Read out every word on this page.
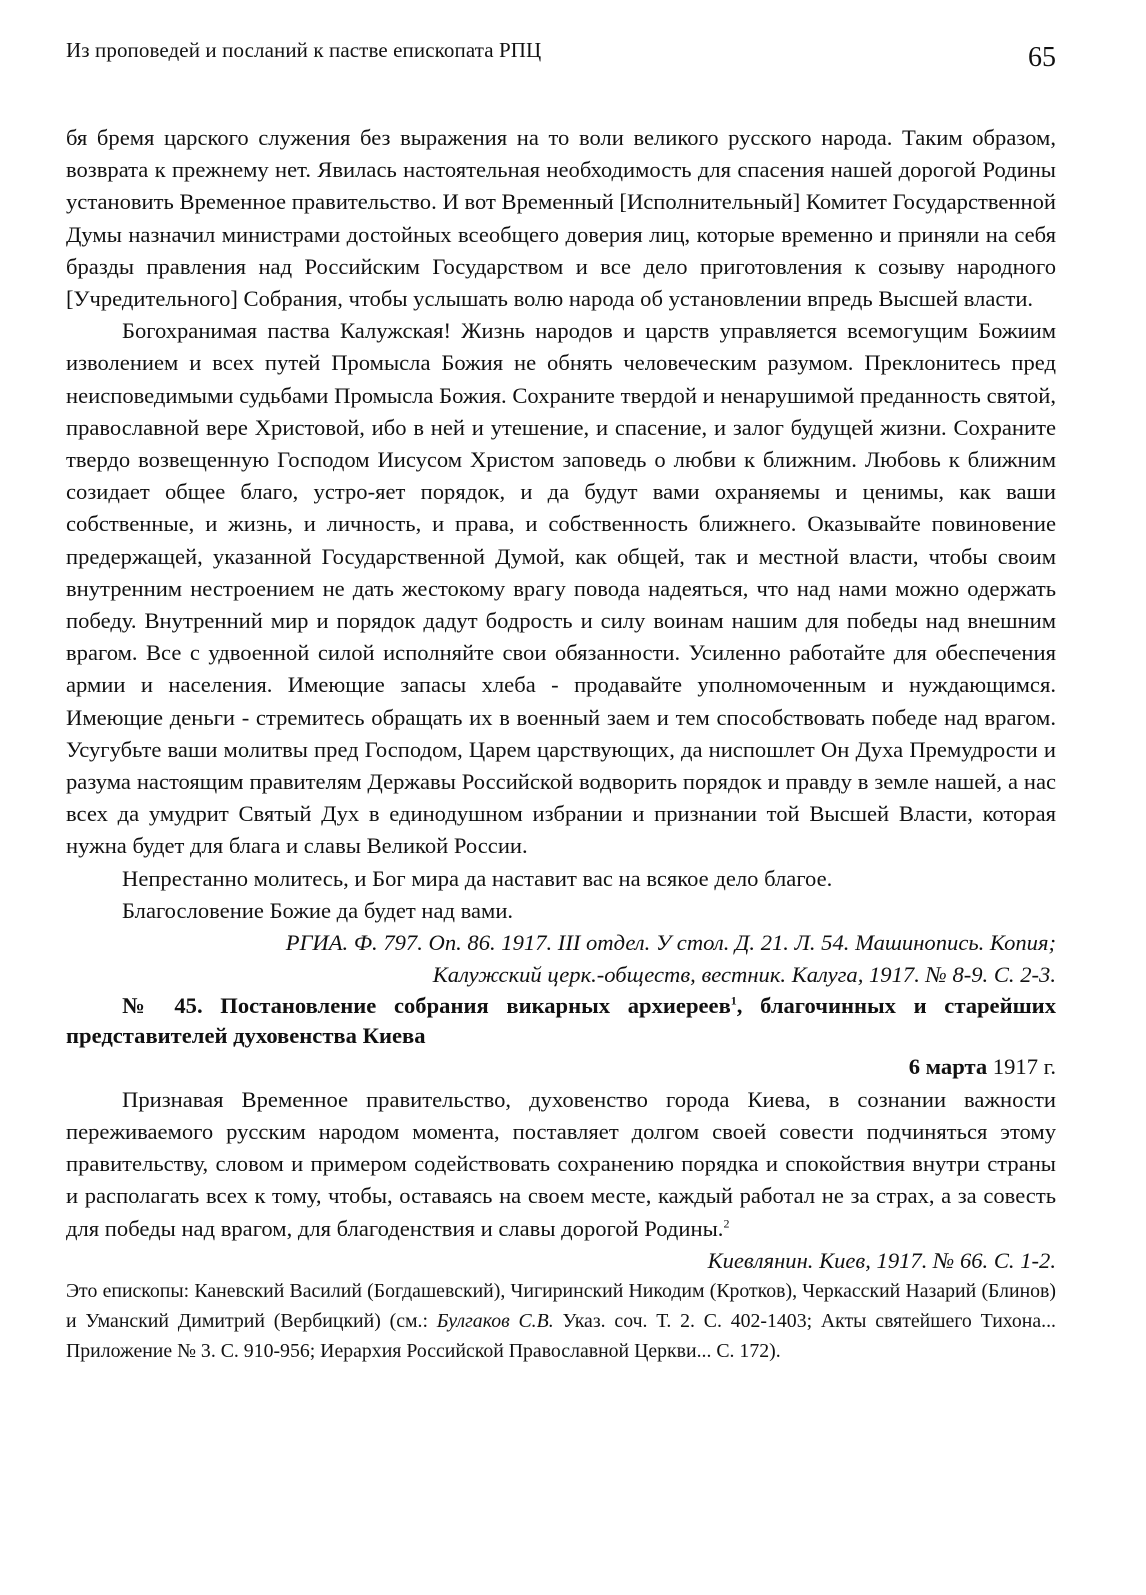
Из проповедей и посланий к пастве епископата РПЦ	65

бя бремя царского служения без выражения на то воли великого русского народа. Таким образом, возврата к прежнему нет. Явилась настоятельная необходимость для спасения нашей дорогой Родины установить Временное правительство. И вот Временный [Исполнительный] Комитет Государственной Думы назначил министрами достойных всеобщего доверия лиц, которые временно и приняли на себя бразды правления над Российским Государством и все дело приготовления к созыву народного [Учредительного] Собрания, чтобы услышать волю народа об установлении впредь Высшей власти.

Богохранимая паства Калужская! Жизнь народов и царств управляется всемогущим Божиим изволением и всех путей Промысла Божия не обнять человеческим разумом. Преклонитесь пред неисповедимыми судьбами Промысла Божия. Сохраните твердой и ненарушимой преданность святой, православной вере Христовой, ибо в ней и утешение, и спасение, и залог будущей жизни. Сохраните твердо возвещенную Господом Иисусом Христом заповедь о любви к ближним. Любовь к ближним созидает общее благо, устро-яет порядок, и да будут вами охраняемы и ценимы, как ваши собственные, и жизнь, и личность, и права, и собственность ближнего. Оказывайте повиновение предержащей, указанной Государственной Думой, как общей, так и местной власти, чтобы своим внутренним нестроением не дать жестокому врагу повода надеяться, что над нами можно одержать победу. Внутренний мир и порядок дадут бодрость и силу воинам нашим для победы над внешним врагом. Все с удвоенной силой исполняйте свои обязанности. Усиленно работайте для обеспечения армии и населения. Имеющие запасы хлеба - продавайте уполномоченным и нуждающимся. Имеющие деньги - стремитесь обращать их в военный заем и тем способствовать победе над врагом. Усугубьте ваши молитвы пред Господом, Царем царствующих, да ниспошлет Он Духа Премудрости и разума настоящим правителям Державы Российской водворить порядок и правду в земле нашей, а нас всех да умудрит Святый Дух в единодушном избрании и признании той Высшей Власти, которая нужна будет для блага и славы Великой России.

Непрестанно молитесь, и Бог мира да наставит вас на всякое дело благое.

Благословение Божие да будет над вами.

РГИА. Ф. 797. Оп. 86. 1917. III отдел. У стол. Д. 21. Л. 54. Машинопись. Копия;
Калужский церк.-обществ, вестник. Калуга, 1917. № 8-9. С. 2-3.

№ 45. Постановление собрания викарных архиереев$^1$, благочинных и старейших представителей духовенства Киева

6 марта 1917 г.

Признавая Временное правительство, духовенство города Киева, в сознании важности переживаемого русским народом момента, поставляет долгом своей совести подчиняться этому правительству, словом и примером содействовать сохранению порядка и спокойствия внутри страны и располагать всех к тому, чтобы, оставаясь на своем месте, каждый работал не за страх, а за совесть для победы над врагом, для благоденствия и славы дорогой Родины.$^2$

Киевлянин. Киев, 1917. № 66. С. 1-2.

Это епископы: Каневский Василий (Богдашевский), Чигиринский Никодим (Кротков), Черкасский Назарий (Блинов) и Уманский Димитрий (Вербицкий) (см.: Булгаков С.В. Указ. соч. Т. 2. С. 402-1403; Акты святейшего Тихона... Приложение № 3. С. 910-956; Иерархия Российской Православной Церкви... С. 172).
